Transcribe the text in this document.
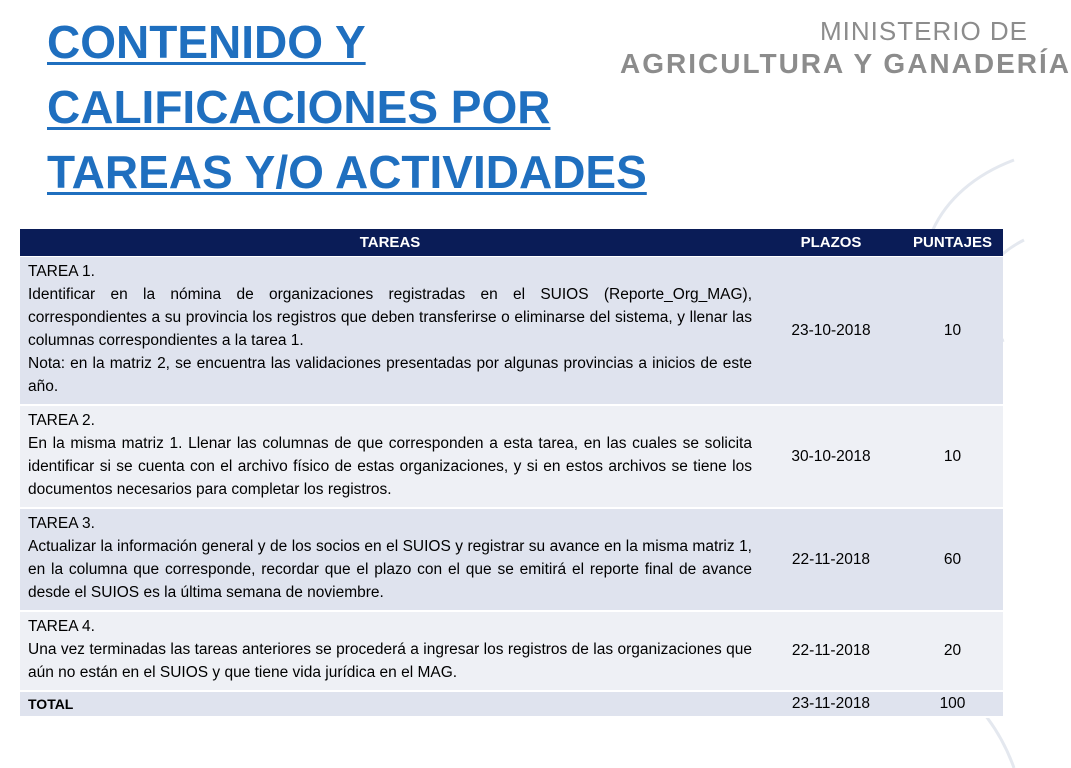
CONTENIDO Y CALIFICACIONES POR TAREAS Y/O ACTIVIDADES
MINISTERIO DE
AGRICULTURA Y GANADERÍA
TAREAS	PLAZOS	PUNTAJES

TAREA 1.
Identificar en la nómina de organizaciones registradas en el SUIOS (Reporte_Org_MAG), correspondientes a su provincia los registros que deben transferirse o eliminarse del sistema, y llenar las columnas correspondientes a la tarea 1.
Nota: en la matriz 2, se encuentra las validaciones presentadas por algunas provincias a inicios de este año.	23-10-2018	10

TAREA 2.
En la misma matriz 1. Llenar las columnas de que corresponden a esta tarea, en las cuales se solicita identificar si se cuenta con el archivo físico de estas organizaciones, y si en estos archivos se tiene los documentos necesarios para completar los registros.	30-10-2018	10

TAREA 3.
Actualizar la información general y de los socios en el SUIOS y registrar su avance en la misma matriz 1, en la columna que corresponde, recordar que el plazo con el que se emitirá el reporte final de avance desde el SUIOS es la última semana de noviembre.	22-11-2018	60

TAREA 4.
Una vez terminadas las tareas anteriores se procederá a ingresar los registros de las organizaciones que aún no están en el SUIOS y que tiene vida jurídica en el MAG.	22-11-2018	20
TOTAL	23-11-2018	100
